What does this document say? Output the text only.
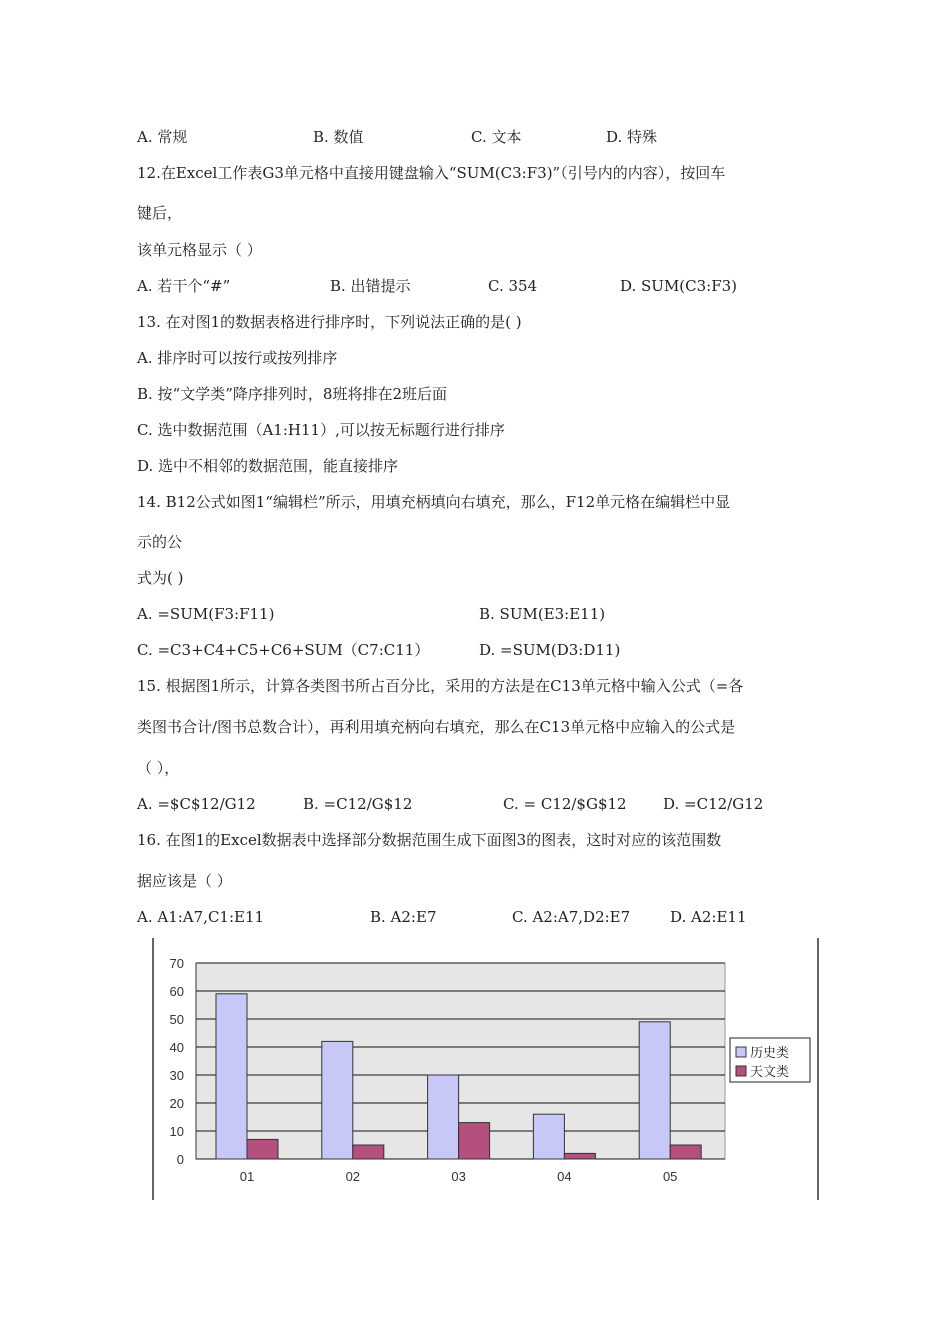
A. 常规	B. 数值	C. 文本	D. 特殊
12.在Excel工作表G3单元格中直接用键盘输入“SUM(C3:F3)”（引号内的内容），按回车
键后，
该单元格显示（ ）
A. 若干个“#”	B. 出错提示	C. 354	D. SUM(C3:F3)
13. 在对图1的数据表格进行排序时，下列说法正确的是( )
A. 排序时可以按行或按列排序
B. 按“文学类”降序排列时，8班将排在2班后面
C. 选中数据范围（A1:H11）,可以按无标题行进行排序
D. 选中不相邻的数据范围，能直接排序
14. B12公式如图1“编辑栏”所示，用填充柄填向右填充，那么，F12单元格在编辑栏中显
示的公
式为( )
A. =SUM(F3:F11)	B. SUM(E3:E11)
C. =C3+C4+C5+C6+SUM（C7:C11）	D. =SUM(D3:D11)
15. 根据图1所示，计算各类图书所占百分比，采用的方法是在C13单元格中输入公式（=各
类图书合计/图书总数合计），再利用填充柄向右填充，那么在C13单元格中应输入的公式是
（ ），
A. =$C$12/G12	B. =C12/G$12	C. = C12/$G$12 D. =C12/G12
16. 在图1的Excel数据表中选择部分数据范围生成下面图3的图表，这时对应的该范围数
据应该是（ ）
A. A1:A7,C1:E11	B. A2:E7	C. A2:A7,D2:E7	D. A2:E11
0
10
20
30
40
50
60
70
01	02	03	04	05
历史类
天文类
